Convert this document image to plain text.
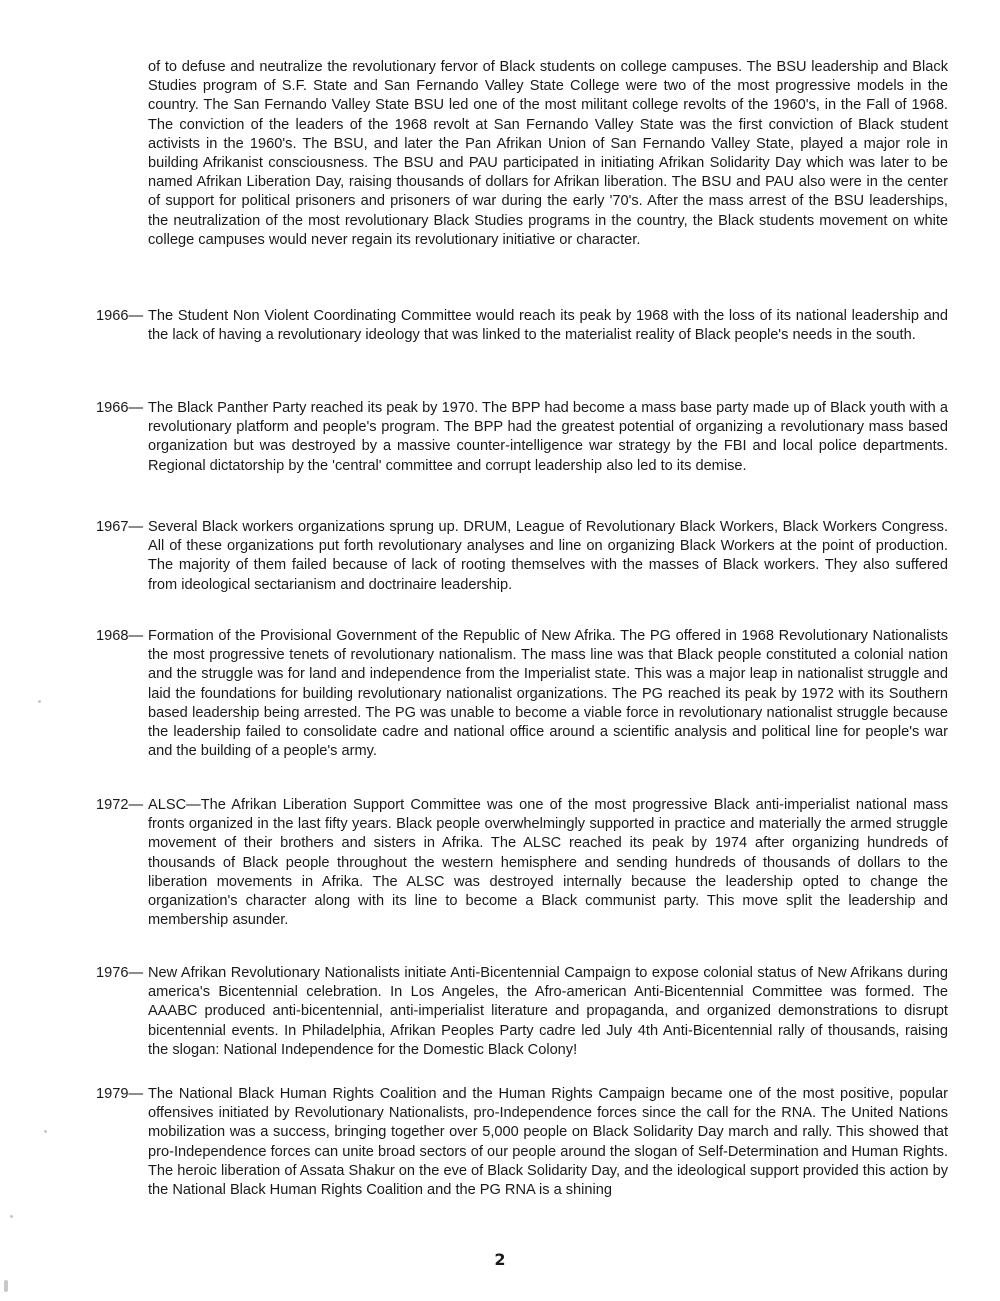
of to defuse and neutralize the revolutionary fervor of Black students on college campuses. The BSU leadership and Black Studies program of S.F. State and San Fernando Valley State College were two of the most progressive models in the country. The San Fernando Valley State BSU led one of the most militant college revolts of the 1960's, in the Fall of 1968. The conviction of the leaders of the 1968 revolt at San Fernando Valley State was the first conviction of Black student activists in the 1960's. The BSU, and later the Pan Afrikan Union of San Fernando Valley State, played a major role in building Afrikanist consciousness. The BSU and PAU participated in initiating Afrikan Solidarity Day which was later to be named Afrikan Liberation Day, raising thousands of dollars for Afrikan liberation. The BSU and PAU also were in the center of support for political prisoners and prisoners of war during the early '70's. After the mass arrest of the BSU leaderships, the neutralization of the most revolutionary Black Studies programs in the country, the Black students movement on white college campuses would never regain its revolutionary initiative or character.

1966— The Student Non Violent Coordinating Committee would reach its peak by 1968 with the loss of its national leadership and the lack of having a revolutionary ideology that was linked to the materialist reality of Black people's needs in the south.

1966— The Black Panther Party reached its peak by 1970. The BPP had become a mass base party made up of Black youth with a revolutionary platform and people's program. The BPP had the greatest potential of organizing a revolutionary mass based organization but was destroyed by a massive counter-intelligence war strategy by the FBI and local police departments. Regional dictatorship by the 'central' committee and corrupt leadership also led to its demise.

1967— Several Black workers organizations sprung up. DRUM, League of Revolutionary Black Workers, Black Workers Congress. All of these organizations put forth revolutionary analyses and line on organizing Black Workers at the point of production. The majority of them failed because of lack of rooting themselves with the masses of Black workers. They also suffered from ideological sectarianism and doctrinaire leadership.

1968— Formation of the Provisional Government of the Republic of New Afrika. The PG offered in 1968 Revolutionary Nationalists the most progressive tenets of revolutionary nationalism. The mass line was that Black people constituted a colonial nation and the struggle was for land and independence from the Imperialist state. This was a major leap in nationalist struggle and laid the foundations for building revolutionary nationalist organizations. The PG reached its peak by 1972 with its Southern based leadership being arrested. The PG was unable to become a viable force in revolutionary nationalist struggle because the leadership failed to consolidate cadre and national office around a scientific analysis and political line for people's war and the building of a people's army.

1972— ALSC—The Afrikan Liberation Support Committee was one of the most progressive Black anti-imperialist national mass fronts organized in the last fifty years. Black people overwhelmingly supported in practice and materially the armed struggle movement of their brothers and sisters in Afrika. The ALSC reached its peak by 1974 after organizing hundreds of thousands of Black people throughout the western hemisphere and sending hundreds of thousands of dollars to the liberation movements in Afrika. The ALSC was destroyed internally because the leadership opted to change the organization's character along with its line to become a Black communist party. This move split the leadership and membership asunder.

1976— New Afrikan Revolutionary Nationalists initiate Anti-Bicentennial Campaign to expose colonial status of New Afrikans during america's Bicentennial celebration. In Los Angeles, the Afro-american Anti-Bicentennial Committee was formed. The AAABC produced anti-bicentennial, anti-imperialist literature and propaganda, and organized demonstrations to disrupt bicentennial events. In Philadelphia, Afrikan Peoples Party cadre led July 4th Anti-Bicentennial rally of thousands, raising the slogan: National Independence for the Domestic Black Colony!

1979— The National Black Human Rights Coalition and the Human Rights Campaign became one of the most positive, popular offensives initiated by Revolutionary Nationalists, pro-Independence forces since the call for the RNA. The United Nations mobilization was a success, bringing together over 5,000 people on Black Solidarity Day march and rally. This showed that pro-Independence forces can unite broad sectors of our people around the slogan of Self-Determination and Human Rights. The heroic liberation of Assata Shakur on the eve of Black Solidarity Day, and the ideological support provided this action by the National Black Human Rights Coalition and the PG RNA is a shining

2
